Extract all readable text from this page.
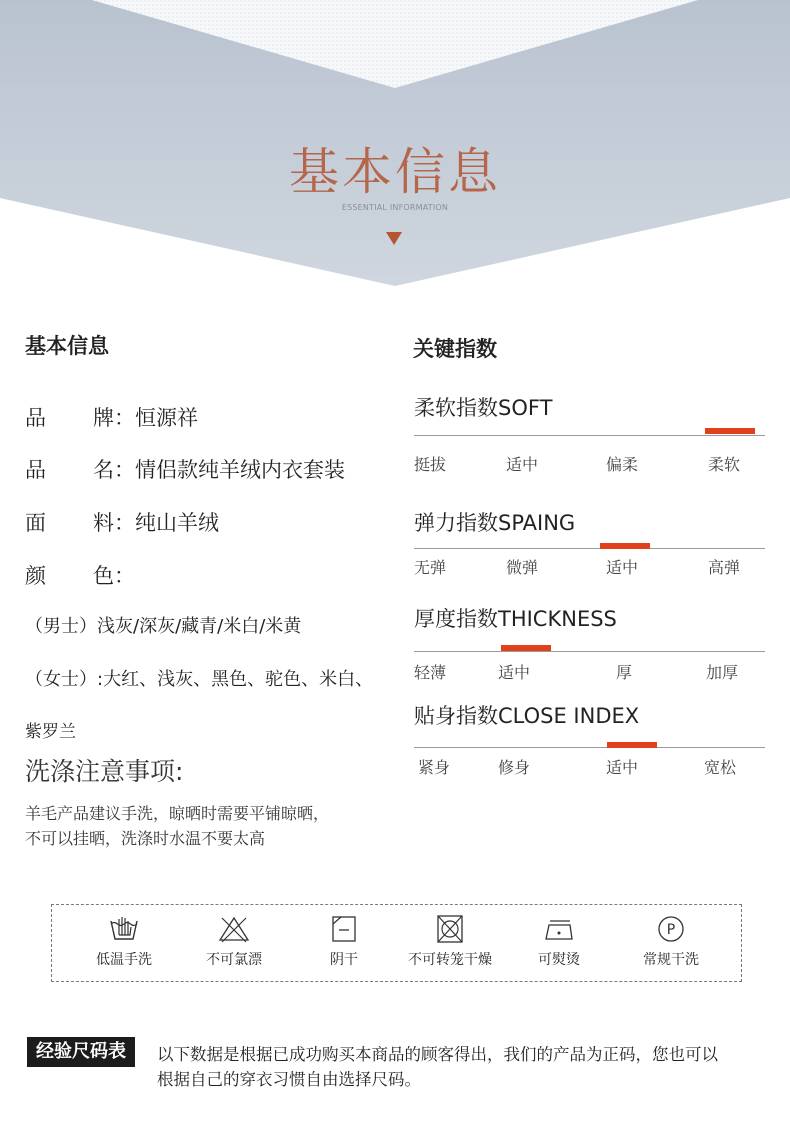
基本信息
ESSENTIAL INFORMATION
基本信息
品 牌：恒源祥
品 名：情侣款纯羊绒内衣套装
面 料：纯山羊绒
颜 色：
（男士）浅灰/深灰/藏青/米白/米黄
（女士）:大红、浅灰、黑色、驼色、米白、
紫罗兰
洗涤注意事项:
羊毛产品建议手洗，晾晒时需要平铺晾晒，
不可以挂晒，洗涤时水温不要太高
关键指数
柔软指数SOFT
挺拔	适中	偏柔	柔软
弹力指数SPAING
无弹	微弹	适中	高弹
厚度指数THICKNESS
轻薄	适中	厚	加厚
贴身指数CLOSE INDEX
紧身	修身	适中	宽松
低温手洗	不可氯漂	阴干	不可转笼干燥	可熨烫
P
常规干洗
经验尺码表	以下数据是根据已成功购买本商品的顾客得出，我们的产品为正码，您也可以
根据自己的穿衣习惯自由选择尺码。
